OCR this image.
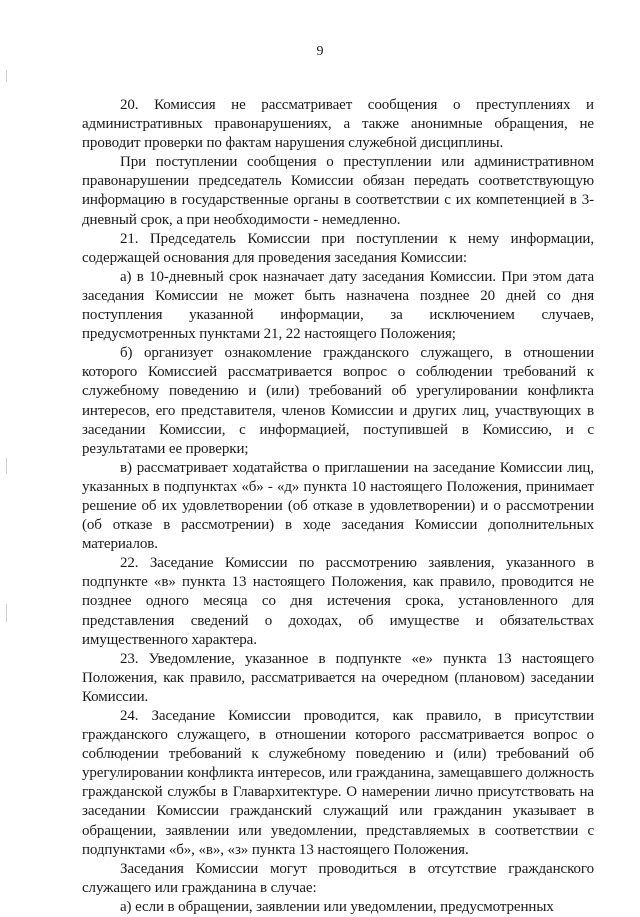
9

20. Комиссия не рассматривает сообщения о преступлениях и административных правонарушениях, а также анонимные обращения, не проводит проверки по фактам нарушения служебной дисциплины.

При поступлении сообщения о преступлении или административном правонарушении председатель Комиссии обязан передать соответствующую информацию в государственные органы в соответствии с их компетенцией в 3-дневный срок, а при необходимости - немедленно.

21. Председатель Комиссии при поступлении к нему информации, содержащей основания для проведения заседания Комиссии:

а) в 10-дневный срок назначает дату заседания Комиссии. При этом дата заседания Комиссии не может быть назначена позднее 20 дней со дня поступления указанной информации, за исключением случаев, предусмотренных пунктами 21, 22 настоящего Положения;

б) организует ознакомление гражданского служащего, в отношении которого Комиссией рассматривается вопрос о соблюдении требований к служебному поведению и (или) требований об урегулировании конфликта интересов, его представителя, членов Комиссии и других лиц, участвующих в заседании Комиссии, с информацией, поступившей в Комиссию, и с результатами ее проверки;

в) рассматривает ходатайства о приглашении на заседание Комиссии лиц, указанных в подпунктах «б» - «д» пункта 10 настоящего Положения, принимает решение об их удовлетворении (об отказе в удовлетворении) и о рассмотрении (об отказе в рассмотрении) в ходе заседания Комиссии дополнительных материалов.

22. Заседание Комиссии по рассмотрению заявления, указанного в подпункте «в» пункта 13 настоящего Положения, как правило, проводится не позднее одного месяца со дня истечения срока, установленного для представления сведений о доходах, об имуществе и обязательствах имущественного характера.

23. Уведомление, указанное в подпункте «е» пункта 13 настоящего Положения, как правило, рассматривается на очередном (плановом) заседании Комиссии.

24. Заседание Комиссии проводится, как правило, в присутствии гражданского служащего, в отношении которого рассматривается вопрос о соблюдении требований к служебному поведению и (или) требований об урегулировании конфликта интересов, или гражданина, замещавшего должность гражданской службы в Главархитектуре. О намерении лично присутствовать на заседании Комиссии гражданский служащий или гражданин указывает в обращении, заявлении или уведомлении, представляемых в соответствии с подпунктами «б», «в», «з» пункта 13 настоящего Положения.

Заседания Комиссии могут проводиться в отсутствие гражданского служащего или гражданина в случае:

а) если в обращении, заявлении или уведомлении, предусмотренных
